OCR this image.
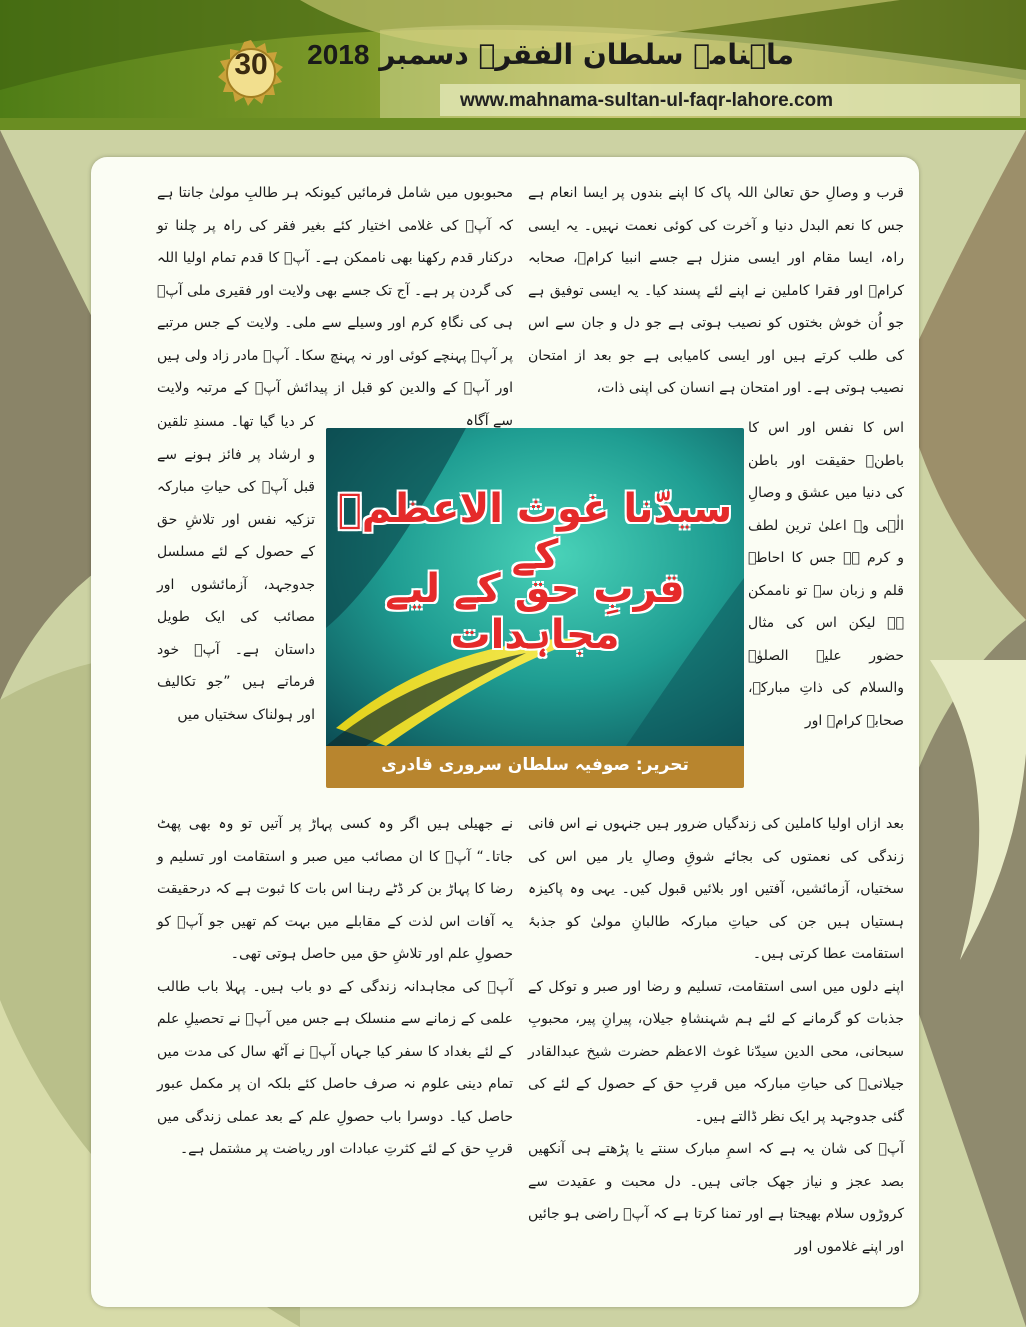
30	ماہنامہ سلطان الفقرؒ دسمبر 2018
www.mahnama-sultan-ul-faqr-lahore.com

قرب و وصالِ حق تعالیٰ اللہ پاک کا اپنے بندوں پر ایسا انعام ہے جس کا نعم البدل دنیا و آخرت کی کوئی نعمت نہیں۔ یہ ایسی راہ، ایسا مقام اور ایسی منزل ہے جسے انبیا کرامؑ، صحابہ کرامؓ اور فقرا کاملین نے اپنے لئے پسند کیا۔ یہ ایسی توفیق ہے جو اُن خوش بختوں کو نصیب ہوتی ہے جو دل و جان سے اس کی طلب کرتے ہیں اور ایسی کامیابی ہے جو بعد از امتحان نصیب ہوتی ہے۔ اور امتحان ہے انسان کی اپنی ذات،

اس کا نفس اور اس کا باطن۔ حقیقت اور باطن کی دنیا میں عشق و وصالِ الٰہی وہ اعلیٰ ترین لطف و کرم ہے جس کا احاطہ قلم و زبان سے تو ناممکن ہے لیکن اس کی مثال حضور علیہ الصلوٰۃ والسلام کی ذاتِ مبارکہ، صحابہ کرامؓ اور

بعد ازاں اولیا کاملین کی زندگیاں ضرور ہیں جنہوں نے اس فانی زندگی کی نعمتوں کی بجائے شوقِ وصالِ یار میں اس کی سختیاں، آزمائشیں، آفتیں اور بلائیں قبول کیں۔ یہی وہ پاکیزہ ہستیاں ہیں جن کی حیاتِ مبارکہ طالبانِ مولیٰ کو جذبۂ استقامت عطا کرتی ہیں۔

اپنے دلوں میں اسی استقامت، تسلیم و رضا اور صبر و توکل کے جذبات کو گرمانے کے لئے ہم شہنشاہِ جیلان، پیرانِ پیر، محبوبِ سبحانی، محی الدین سیدّنا غوث الاعظم حضرت شیخ عبدالقادر جیلانیؓ کی حیاتِ مبارکہ میں قربِ حق کے حصول کے لئے کی گئی جدوجہد پر ایک نظر ڈالتے ہیں۔

آپؓ کی شان یہ ہے کہ اسمِ مبارک سنتے یا پڑھتے ہی آنکھیں بصد عجز و نیاز جھک جاتی ہیں۔ دل محبت و عقیدت سے کروڑوں سلام بھیجتا ہے اور تمنا کرتا ہے کہ آپؓ راضی ہو جائیں اور اپنے غلاموں اور

محبوبوں میں شامل فرمائیں کیونکہ ہر طالبِ مولیٰ جانتا ہے کہ آپؓ کی غلامی اختیار کئے بغیر فقر کی راہ پر چلنا تو درکنار قدم رکھنا بھی ناممکن ہے۔ آپؓ کا قدم تمام اولیا اللہ کی گردن پر ہے۔ آج تک جسے بھی ولایت اور فقیری ملی آپؓ ہی کی نگاہِ کرم اور وسیلے سے ملی۔ ولایت کے جس مرتبے پر آپؓ پہنچے کوئی اور نہ پہنچ سکا۔ آپؓ مادر زاد ولی ہیں اور آپؓ کے والدین کو قبل از پیدائش آپؓ کے مرتبہ ولایت سے آگاہ

کر دیا گیا تھا۔ مسندِ تلقین و ارشاد پر فائز ہونے سے قبل آپؓ کی حیاتِ مبارکہ تزکیہ نفس اور تلاشِ حق کے حصول کے لئے مسلسل جدوجہد، آزمائشوں اور مصائب کی ایک طویل داستان ہے۔ آپؓ خود فرماتے ہیں ”جو تکالیف اور ہولناک سختیاں میں

نے جھیلی ہیں اگر وہ کسی پہاڑ پر آتیں تو وہ بھی پھٹ جاتا۔“ آپؓ کا ان مصائب میں صبر و استقامت اور تسلیم و رضا کا پہاڑ بن کر ڈٹے رہنا اس بات کا ثبوت ہے کہ درحقیقت یہ آفات اس لذت کے مقابلے میں بہت کم تھیں جو آپؓ کو حصولِ علم اور تلاشِ حق میں حاصل ہوتی تھی۔

آپؓ کی مجاہدانہ زندگی کے دو باب ہیں۔ پہلا باب طالب علمی کے زمانے سے منسلک ہے جس میں آپؓ نے تحصیلِ علم کے لئے بغداد کا سفر کیا جہاں آپؓ نے آٹھ سال کی مدت میں تمام دینی علوم نہ صرف حاصل کئے بلکہ ان پر مکمل عبور حاصل کیا۔ دوسرا باب حصولِ علم کے بعد عملی زندگی میں قربِ حق کے لئے کثرتِ عبادات اور ریاضت پر مشتمل ہے۔

سیدّنا غوث الاعظمؓ کے
قربِ حق کے لیے مجاہدات
تحریر: صوفیہ سلطان سروری قادری
